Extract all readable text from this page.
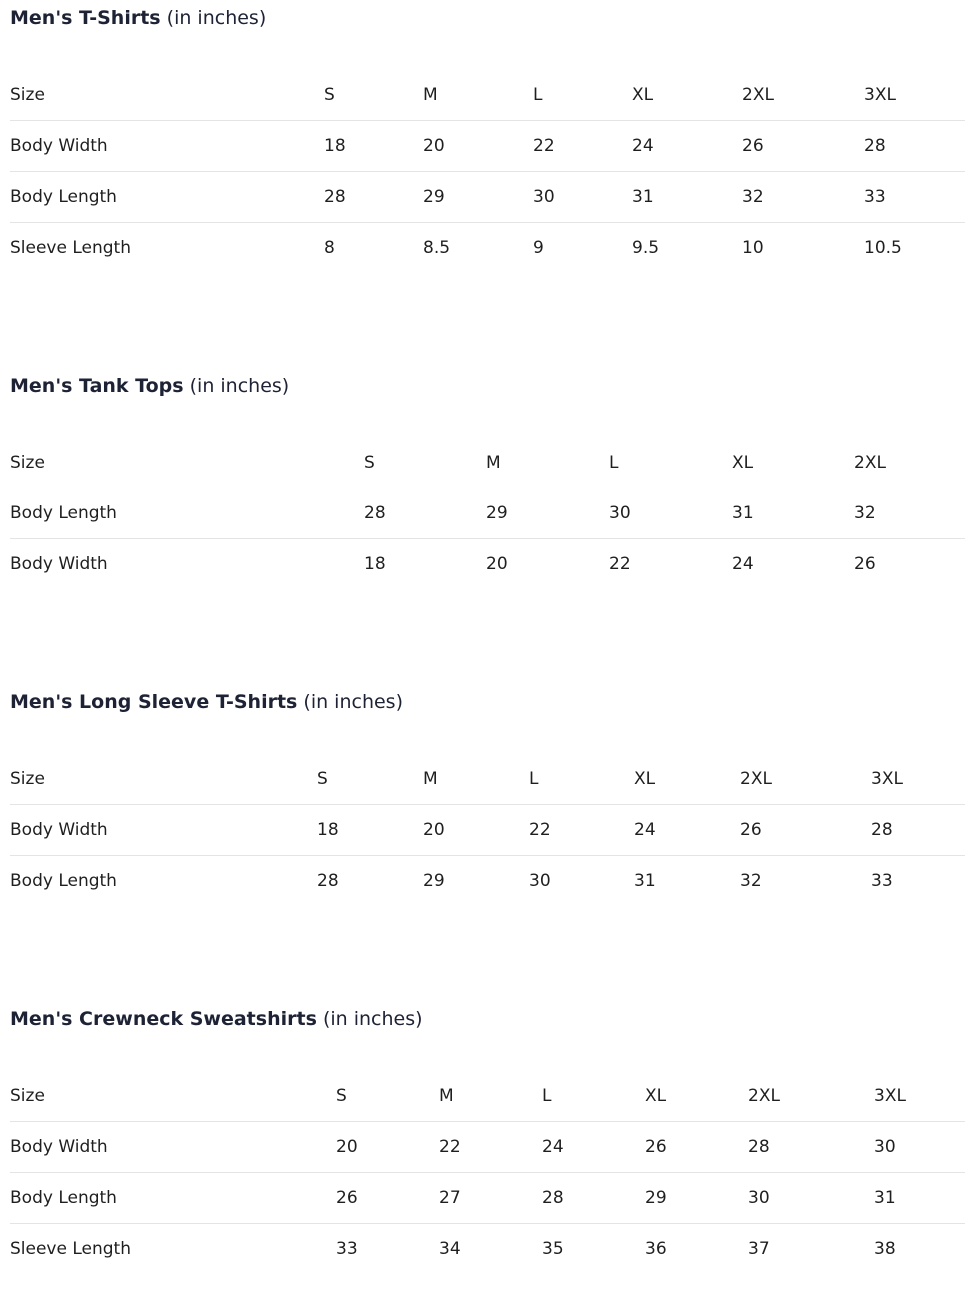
Men's T-Shirts (in inches)
Size	S	M	L	XL	2XL	3XL
Body Width	18	20	22	24	26	28
Body Length	28	29	30	31	32	33
Sleeve Length	8	8.5	9	9.5	10	10.5
Men's Tank Tops (in inches)
Size	S	M	L	XL	2XL
Body Length	28	29	30	31	32
Body Width	18	20	22	24	26
Men's Long Sleeve T-Shirts (in inches)
Size	S	M	L	XL	2XL	3XL
Body Width	18	20	22	24	26	28
Body Length	28	29	30	31	32	33
Men's Crewneck Sweatshirts (in inches)
Size	S	M	L	XL	2XL	3XL
Body Width	20	22	24	26	28	30
Body Length	26	27	28	29	30	31
Sleeve Length	33	34	35	36	37	38
